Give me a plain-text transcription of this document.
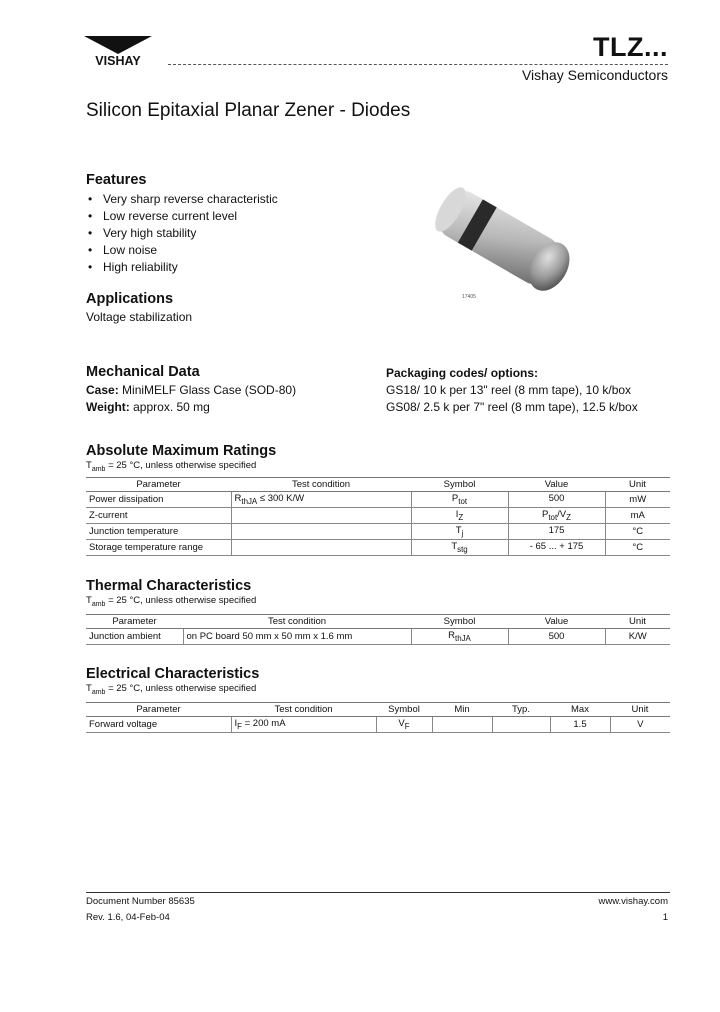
VISHAY	TLZ...
Vishay Semiconductors
Silicon Epitaxial Planar Zener - Diodes
Features
• Very sharp reverse characteristic
• Low reverse current level
• Very high stability
• Low noise
• High reliability
17405
Applications
Voltage stabilization
Mechanical Data
Case: MiniMELF Glass Case (SOD-80)
Weight: approx. 50 mg
Packaging codes/ options:
GS18/ 10 k per 13" reel (8 mm tape), 10 k/box
GS08/ 2.5 k per 7" reel (8 mm tape), 12.5 k/box
Absolute Maximum Ratings
$T_{amb} = 25$ °C, unless otherwise specified
Parameter	Test condition	Symbol	Value	Unit
Power dissipation	$R_{thJA} \le 300$ K/W	$P_{tot}$	500	mW
Z-current		$I_Z$	$P_{tot}/V_Z$	mA
Junction temperature		$T_j$	175	°C
Storage temperature range		$T_{stg}$	- 65 ... + 175	°C
Thermal Characteristics
$T_{amb} = 25$ °C, unless otherwise specified
Parameter	Test condition	Symbol	Value	Unit
Junction ambient	on PC board 50 mm x 50 mm x 1.6 mm	$R_{thJA}$	500	K/W
Electrical Characteristics
$T_{amb} = 25$ °C, unless otherwise specified
Parameter	Test condition	Symbol	Min	Typ.	Max	Unit
Forward voltage	$I_F = 200$ mA	$V_F$			1.5	V
Document Number 85635
Rev. 1.6, 04-Feb-04
www.vishay.com
1
